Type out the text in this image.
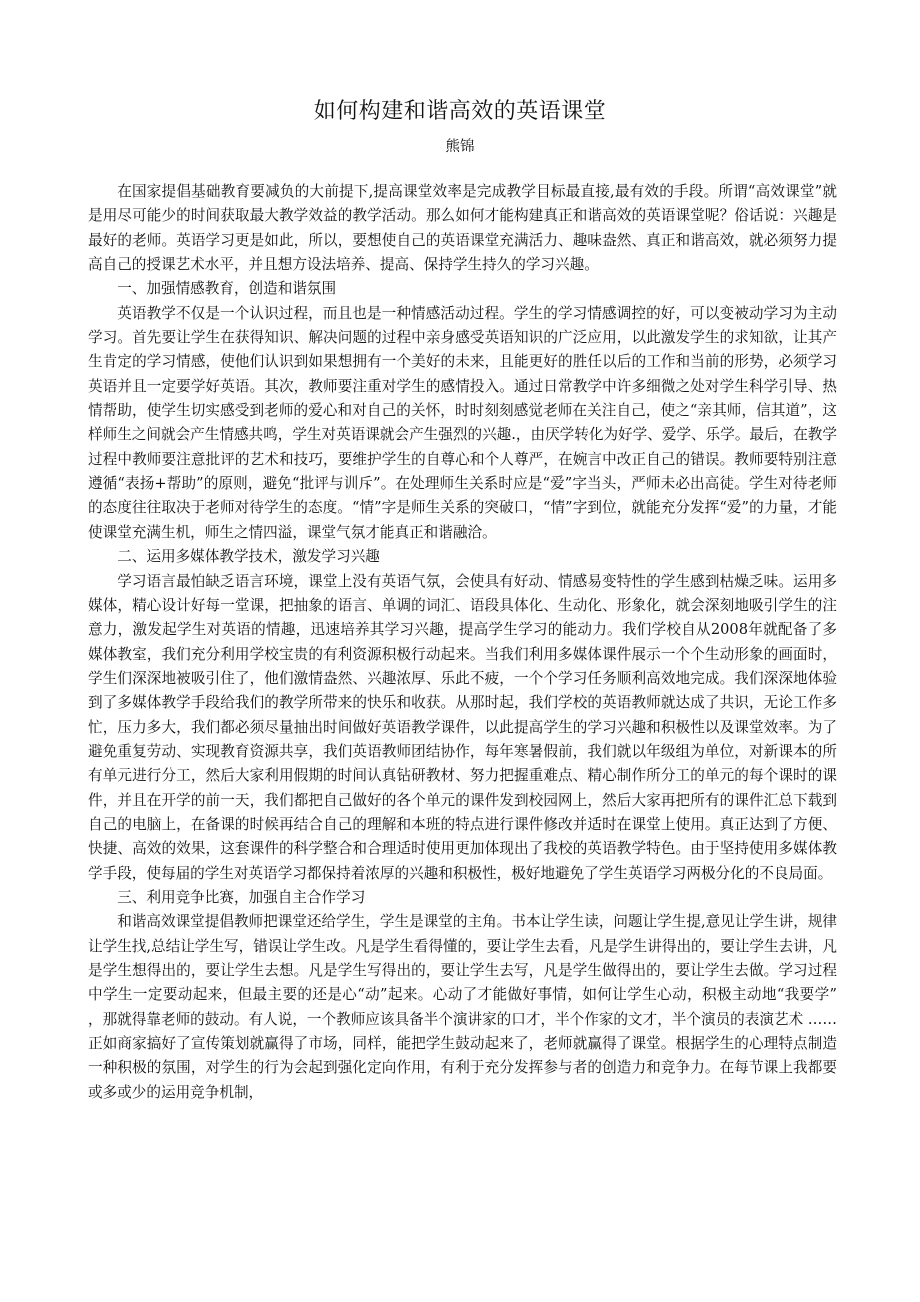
如何构建和谐高效的英语课堂
熊锦

在国家提倡基础教育要减负的大前提下,提高课堂效率是完成教学目标最直接,最有效的手段。所谓“高效课堂”就是用尽可能少的时间获取最大教学效益的教学活动。那么如何才能构建真正和谐高效的英语课堂呢？俗话说：兴趣是最好的老师。英语学习更是如此，所以，要想使自己的英语课堂充满活力、趣味盎然、真正和谐高效，就必须努力提高自己的授课艺术水平，并且想方设法培养、提高、保持学生持久的学习兴趣。

一、加强情感教育，创造和谐氛围

英语教学不仅是一个认识过程，而且也是一种情感活动过程。学生的学习情感调控的好，可以变被动学习为主动学习。首先要让学生在获得知识、解决问题的过程中亲身感受英语知识的广泛应用，以此激发学生的求知欲，让其产生肯定的学习情感，使他们认识到如果想拥有一个美好的未来，且能更好的胜任以后的工作和当前的形势，必须学习英语并且一定要学好英语。其次，教师要注重对学生的感情投入。通过日常教学中许多细微之处对学生科学引导、热情帮助，使学生切实感受到老师的爱心和对自己的关怀，时时刻刻感觉老师在关注自己，使之“亲其师，信其道”，这样师生之间就会产生情感共鸣，学生对英语课就会产生强烈的兴趣.，由厌学转化为好学、爱学、乐学。最后，在教学过程中教师要注意批评的艺术和技巧，要维护学生的自尊心和个人尊严，在婉言中改正自己的错误。教师要特别注意遵循“表扬+帮助”的原则，避免“批评与训斥”。在处理师生关系时应是“爱”字当头，严师未必出高徒。学生对待老师的态度往往取决于老师对待学生的态度。“情”字是师生关系的突破口，“情”字到位，就能充分发挥“爱”的力量，才能使课堂充满生机，师生之情四溢，课堂气氛才能真正和谐融洽。

二、运用多媒体教学技术，激发学习兴趣

学习语言最怕缺乏语言环境，课堂上没有英语气氛，会使具有好动、情感易变特性的学生感到枯燥乏味。运用多媒体，精心设计好每一堂课，把抽象的语言、单调的词汇、语段具体化、生动化、形象化，就会深刻地吸引学生的注意力，激发起学生对英语的情趣，迅速培养其学习兴趣，提高学生学习的能动力。我们学校自从2008年就配备了多媒体教室，我们充分利用学校宝贵的有利资源积极行动起来。当我们利用多媒体课件展示一个个生动形象的画面时，学生们深深地被吸引住了，他们激情盎然、兴趣浓厚、乐此不疲，一个个学习任务顺利高效地完成。我们深深地体验到了多媒体教学手段给我们的教学所带来的快乐和收获。从那时起，我们学校的英语教师就达成了共识，无论工作多忙，压力多大，我们都必须尽量抽出时间做好英语教学课件，以此提高学生的学习兴趣和积极性以及课堂效率。为了避免重复劳动、实现教育资源共享，我们英语教师团结协作，每年寒暑假前，我们就以年级组为单位，对新课本的所有单元进行分工，然后大家利用假期的时间认真钻研教材、努力把握重难点、精心制作所分工的单元的每个课时的课件，并且在开学的前一天，我们都把自己做好的各个单元的课件发到校园网上，然后大家再把所有的课件汇总下载到自己的电脑上，在备课的时候再结合自己的理解和本班的特点进行课件修改并适时在课堂上使用。真正达到了方便、快捷、高效的效果，这套课件的科学整合和合理适时使用更加体现出了我校的英语教学特色。由于坚持使用多媒体教学手段，使每届的学生对英语学习都保持着浓厚的兴趣和积极性，极好地避免了学生英语学习两极分化的不良局面。

三、利用竞争比赛，加强自主合作学习

和谐高效课堂提倡教师把课堂还给学生，学生是课堂的主角。书本让学生读，问题让学生提,意见让学生讲，规律让学生找,总结让学生写，错误让学生改。凡是学生看得懂的，要让学生去看，凡是学生讲得出的，要让学生去讲，凡是学生想得出的，要让学生去想。凡是学生写得出的，要让学生去写，凡是学生做得出的，要让学生去做。学习过程中学生一定要动起来，但最主要的还是心“动”起来。心动了才能做好事情，如何让学生心动，积极主动地“我要学” ，那就得靠老师的鼓动。有人说，一个教师应该具备半个演讲家的口才，半个作家的文才，半个演员的表演艺术 ……正如商家搞好了宣传策划就赢得了市场，同样，能把学生鼓动起来了，老师就赢得了课堂。根据学生的心理特点制造一种积极的氛围，对学生的行为会起到强化定向作用，有利于充分发挥参与者的创造力和竞争力。在每节课上我都要或多或少的运用竞争机制，
